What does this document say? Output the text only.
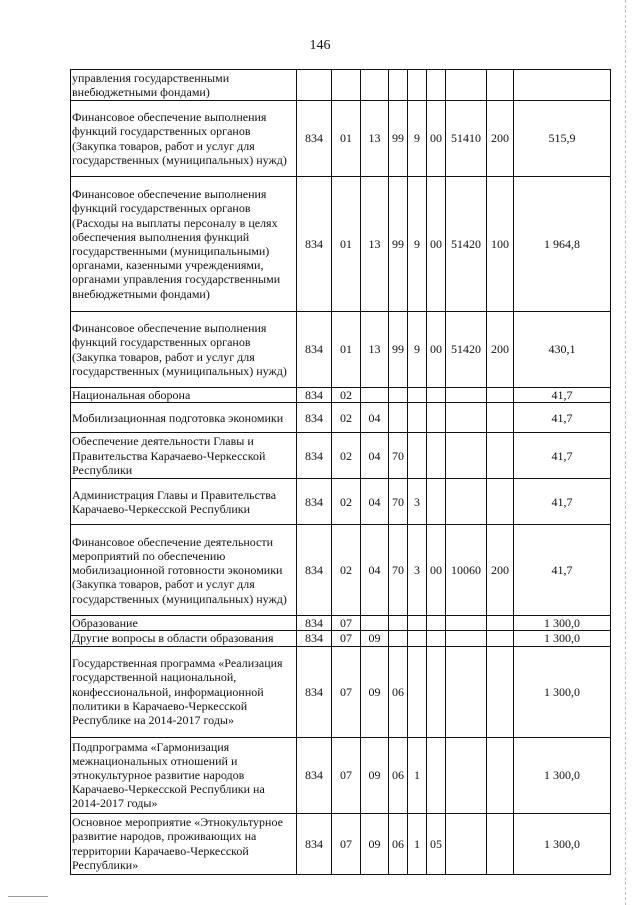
146
управления государственными внебюджетными фондами)									
Финансовое обеспечение выполнения функций государственных органов (Закупка товаров, работ и услуг для государственных (муниципальных) нужд)	834	01	13	99	9	00	51410	200	515,9
Финансовое обеспечение выполнения функций государственных органов (Расходы на выплаты персоналу в целях обеспечения выполнения функций государственными (муниципальными) органами, казенными учреждениями, органами управления государственными внебюджетными фондами)	834	01	13	99	9	00	51420	100	1 964,8
Финансовое обеспечение выполнения функций государственных органов (Закупка товаров, работ и услуг для государственных (муниципальных) нужд)	834	01	13	99	9	00	51420	200	430,1
Национальная оборона	834	02							41,7
Мобилизационная подготовка экономики	834	02	04						41,7
Обеспечение деятельности Главы и Правительства Карачаево-Черкесской Республики	834	02	04	70					41,7
Администрация Главы и Правительства Карачаево-Черкесской Республики	834	02	04	70	3				41,7
Финансовое обеспечение деятельности мероприятий по обеспечению мобилизационной готовности экономики (Закупка товаров, работ и услуг для государственных (муниципальных) нужд)	834	02	04	70	3	00	10060	200	41,7
Образование	834	07							1 300,0
Другие вопросы в области образования	834	07	09						1 300,0
Государственная программа «Реализация государственной национальной, конфессиональной, информационной политики в Карачаево-Черкесской Республике на 2014-2017 годы»	834	07	09	06					1 300,0
Подпрограмма «Гармонизация межнациональных отношений и этнокультурное развитие народов Карачаево-Черкесской Республики на 2014-2017 годы»	834	07	09	06	1				1 300,0
Основное мероприятие «Этнокультурное развитие народов, проживающих на территории Карачаево-Черкесской Республики»	834	07	09	06	1	05			1 300,0
